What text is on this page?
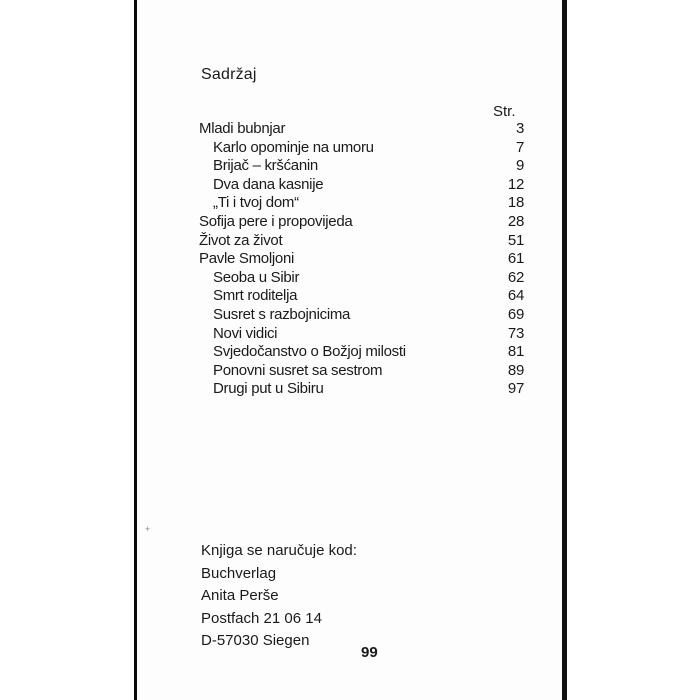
Sadržaj
Str.
Mladi bubnjar	3
Karlo opominje na umoru	7
Brijač – kršćanin	9
Dva dana kasnije	12
„Ti i tvoj dom“	18
Sofija pere i propovijeda	28
Život za život	51
Pavle Smoljoni	61
Seoba u Sibir	62
Smrt roditelja	64
Susret s razbojnicima	69
Novi vidici	73
Svjedočanstvo o Božjoj milosti	81
Ponovni susret sa sestrom	89
Drugi put u Sibiru	97
+
Knjiga se naručuje kod:
Buchverlag
Anita Perše
Postfach 21 06 14
D-57030 Siegen
99
